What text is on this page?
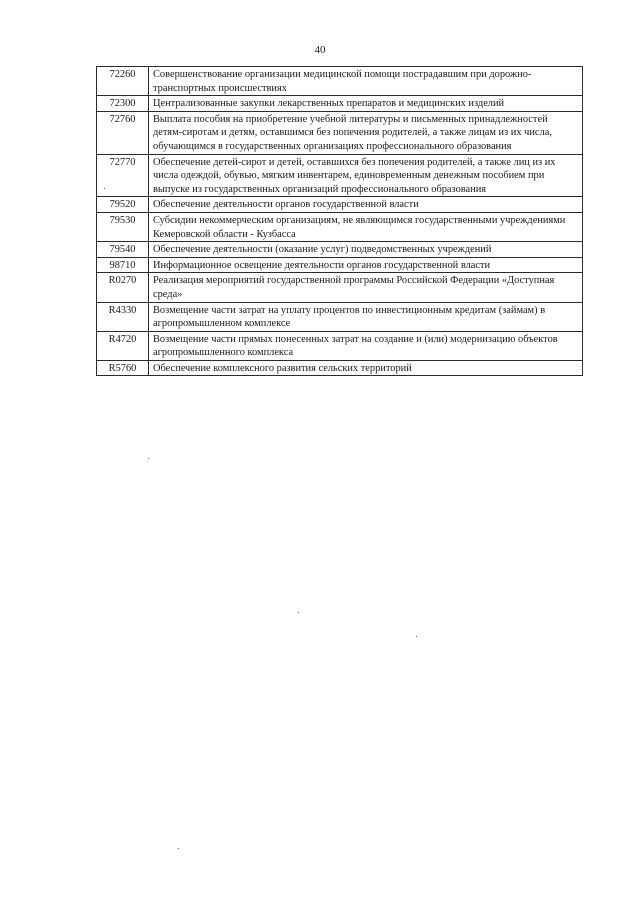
40
72260	Совершенствование организации медицинской помощи пострадавшим при дорожно-транспортных происшествиях
72300	Централизованные закупки лекарственных препаратов и медицинских изделий
72760	Выплата пособия на приобретение учебной литературы и письменных принадлежностей детям-сиротам и детям, оставшимся без попечения родителей, а также лицам из их числа, обучающимся в государственных организациях профессионального образования
72770	Обеспечение детей-сирот и детей, оставшихся без попечения родителей, а также лиц из их числа одеждой, обувью, мягким инвентарем, единовременным денежным пособием при выпуске из государственных организаций профессионального образования
79520	Обеспечение деятельности органов государственной власти
79530	Субсидии некоммерческим организациям, не являющимся государственными учреждениями Кемеровской области - Кузбасса
79540	Обеспечение деятельности (оказание услуг) подведомственных учреждений
98710	Информационное освещение деятельности органов государственной власти
R0270	Реализация мероприятий государственной программы Российской Федерации «Доступная среда»
R4330	Возмещение части затрат на уплату процентов по инвестиционным кредитам (займам) в агропромышленном комплексе
R4720	Возмещение части прямых понесенных затрат на создание и (или) модернизацию объектов агропромышленного комплекса
R5760	Обеспечение комплексного развития сельских территорий
